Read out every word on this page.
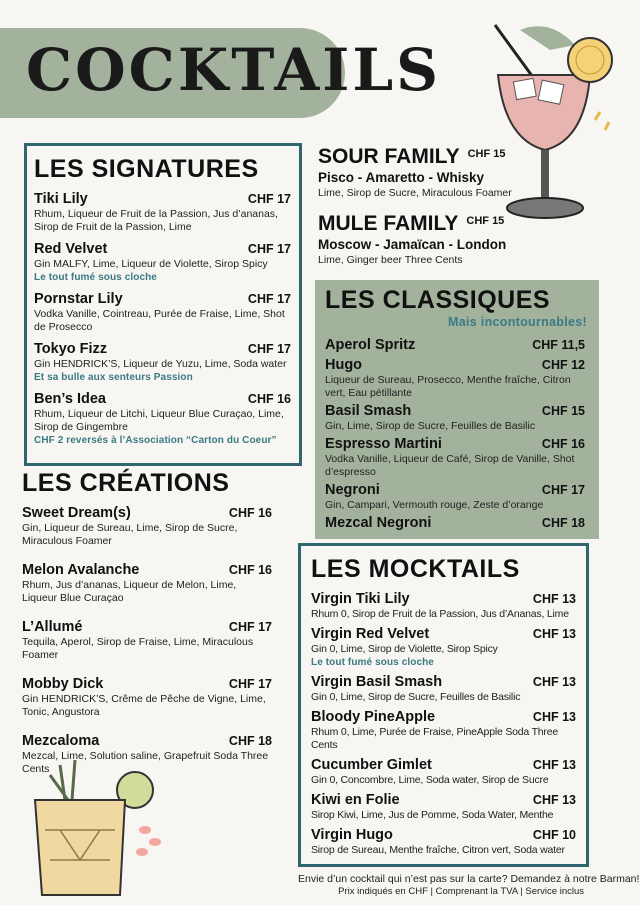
COCKTAILS
LES SIGNATURES
Tiki Lily	CHF 17
Rhum, Liqueur de Fruit de la Passion, Jus d’ananas, Sirop de Fruit de la Passion, Lime
Red Velvet	CHF 17
Gin MALFY, Lime, Liqueur de Violette, Sirop Spicy
Le tout fumé sous cloche
Pornstar Lily	CHF 17
Vodka Vanille, Cointreau, Purée de Fraise, Lime, Shot de Prosecco
Tokyo Fizz	CHF 17
Gin HENDRICK’S, Liqueur de Yuzu, Lime, Soda water
Et sa bulle aux senteurs Passion
Ben’s Idea	CHF 16
Rhum, Liqueur de Litchi, Liqueur Blue Curaçao, Lime, Sirop de Gingembre
CHF 2 reversés à l’Association “Carton du Coeur”
LES CRÉATIONS
Sweet Dream(s)	CHF 16
Gin, Liqueur de Sureau, Lime, Sirop de Sucre, Miraculous Foamer
Melon Avalanche	CHF 16
Rhum, Jus d’ananas, Liqueur de Melon, Lime, Liqueur Blue Curaçao
L’Allumé	CHF 17
Tequila, Aperol, Sirop de Fraise, Lime, Miraculous Foamer
Mobby Dick	CHF 17
Gin HENDRICK’S, Crême de Pêche de Vigne, Lime, Tonic, Angustora
Mezcaloma	CHF 18
Mezcal, Lime, Solution saline, Grapefruit Soda Three Cents
SOUR FAMILY $^{CHF 15}$
Pisco - Amaretto - Whisky
Lime, Sirop de Sucre, Miraculous Foamer
MULE FAMILY $^{CHF 15}$
Moscow - Jamaïcan - London
Lime, Ginger beer Three Cents
LES CLASSIQUES
Mais incontournables!
Aperol Spritz	CHF 11,5
Hugo	CHF 12
Liqueur de Sureau, Prosecco, Menthe fraîche, Citron vert, Eau pétillante
Basil Smash	CHF 15
Gin, Lime, Sirop de Sucre, Feuilles de Basilic
Espresso Martini	CHF 16
Vodka Vanille, Liqueur de Café, Sirop de Vanille, Shot d’espresso
Negroni	CHF 17
Gin, Campari, Vermouth rouge, Zeste d’orange
Mezcal Negroni	CHF 18
LES MOCKTAILS
Virgin Tiki Lily	CHF 13
Rhum 0, Sirop de Fruit de la Passion, Jus d’Ananas, Lime
Virgin Red Velvet	CHF 13
Gin 0, Lime, Sirop de Violette, Sirop Spicy
Le tout fumé sous cloche
Virgin Basil Smash	CHF 13
Gin 0, Lime, Sirop de Sucre, Feuilles de Basilic
Bloody PineApple	CHF 13
Rhum 0, Lime, Purée de Fraise, PineApple Soda Three Cents
Cucumber Gimlet	CHF 13
Gin 0, Concombre, Lime, Soda water, Sirop de Sucre
Kiwi en Folie	CHF 13
Sirop Kiwi, Lime, Jus de Pomme, Soda Water, Menthe
Virgin Hugo	CHF 10
Sirop de Sureau, Menthe fraîche, Citron vert, Soda water
Envie d’un cocktail qui n’est pas sur la carte? Demandez à notre Barman!
Prix indiqués en CHF | Comprenant la TVA | Service inclus
